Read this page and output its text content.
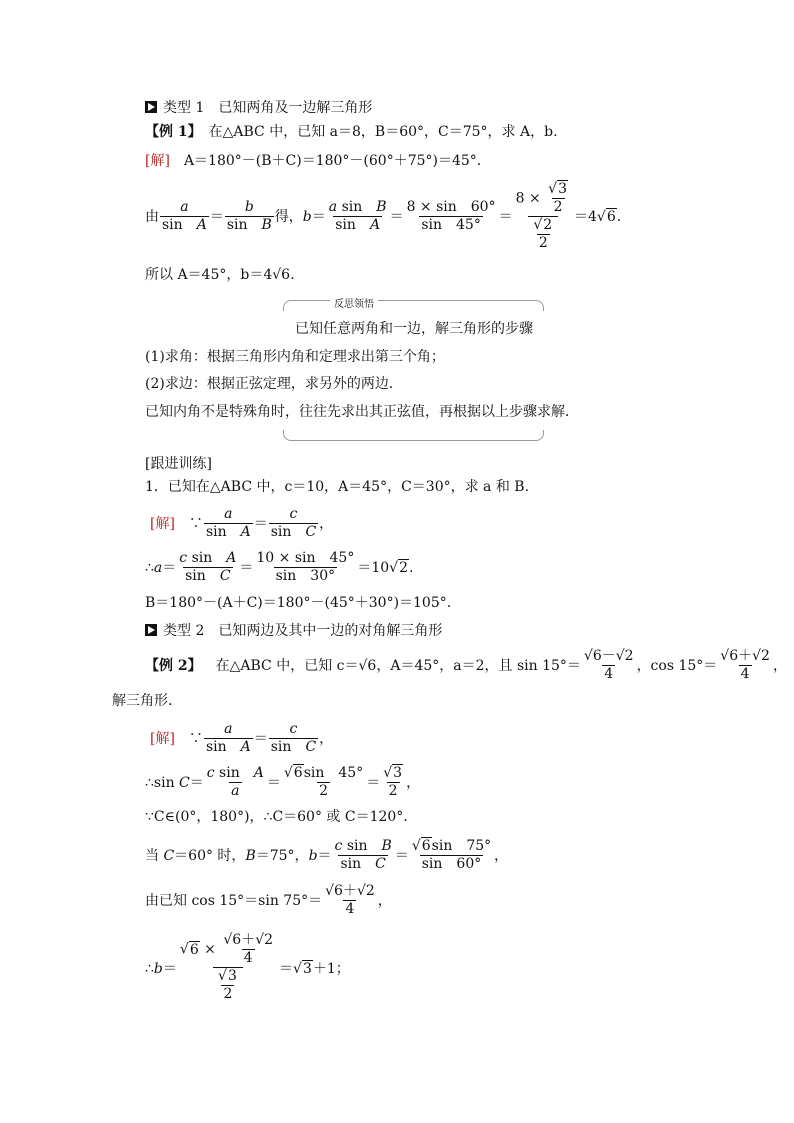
类型 1　已知两角及一边解三角形
【例 1】　 在△ABC 中，已知 a＝8，B＝60°，C＝75°，求 A，b.
[解]　 A＝180°－(B＋C)＝180°－(60°＋75°)＝45°.
由
a
sin　A ＝
b
sin　B 得，b＝
a sin　B
sin　A ＝
8 × sin　60°
sin　45° ＝
$8 \times \frac{√3}{2}$
$\frac{√2}{2} =4√6$.
所以 A＝45°，b＝4√6.
反思领悟
已知任意两角和一边，解三角形的步骤
(1)求角：根据三角形内角和定理求出第三个角；
(2)求边：根据正弦定理，求另外的两边．
已知内角不是特殊角时，往往先求出其正弦值，再根据以上步骤求解．
[跟进训练]
1．已知在△ABC 中，c＝10，A＝45°，C＝30°，求 a 和 B.
[解] 　∵
a
sin　A ＝
c
sin　C ，
∴a＝
c sin　A
sin　C ＝
10 × sin　45°
sin　30° ＝10√2.
B＝180°－(A＋C)＝180°－(45°＋30°)＝105°.
类型 2　已知两边及其中一边的对角解三角形
【例 2】
　 在△ABC 中，已知 c＝√6，A＝45°，a＝2，且 sin 15°＝
√6－√2
4 ，cos 15°＝
√6＋√2
4 ，
解三角形．
[解] 　∵
a
sin　A ＝
c
sin　C ，
∴sin C＝
c sin　A
a ＝
√6sin　45°
2	＝
√3
2 ，
∵C∈(0°，180°)，∴C＝60° 或 C＝120°.
当 C＝60° 时，B＝75°，b＝
c sin　B
sin　C ＝
√6sin　75°
sin　60° ，
由已知 cos 15°＝sin 75°＝
√6＋√2
4 ，
∴b＝
$√6 \times \frac{√6+√2}{4}$
$\frac{√3}{2}$	＝√3＋1；
